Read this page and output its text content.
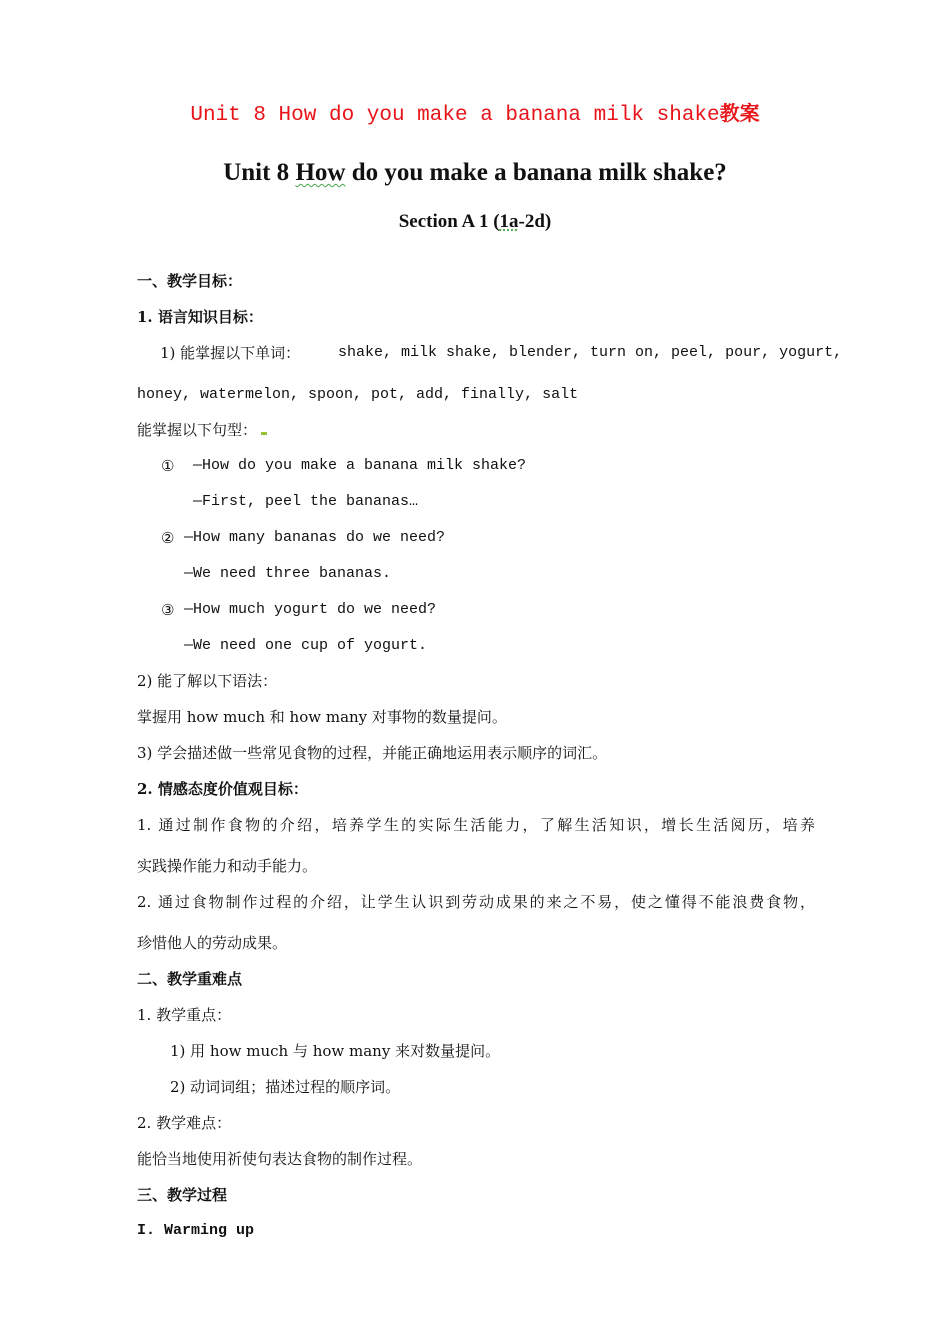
Unit 8 How do you make a banana milk shake教案
Unit 8 How do you make a banana milk shake?
Section A 1 (1a-2d)
一、教学目标：
1. 语言知识目标：
1) 能掌握以下单词：	shake, milk shake, blender, turn on, peel, pour, yogurt,
honey, watermelon, spoon, pot, add, finally, salt
能掌握以下句型：
① —How do you make a banana milk shake?
—First, peel the bananas…
② —How many bananas do we need?
—We need three bananas.
③ —How much yogurt do we need?
—We need one cup of yogurt.
2) 能了解以下语法：
掌握用 how much 和 how many 对事物的数量提问。
3) 学会描述做一些常见食物的过程，并能正确地运用表示顺序的词汇。
2. 情感态度价值观目标：
1. 通过制作食物的介绍，培养学生的实际生活能力，了解生活知识，增长生活阅历，培养
实践操作能力和动手能力。
2. 通过食物制作过程的介绍，让学生认识到劳动成果的来之不易，使之懂得不能浪费食物，
珍惜他人的劳动成果。
二、教学重难点
1. 教学重点：
1) 用 how much 与 how many 来对数量提问。
2) 动词词组；描述过程的顺序词。
2. 教学难点：
能恰当地使用祈使句表达食物的制作过程。
三、教学过程
I. Warming up
